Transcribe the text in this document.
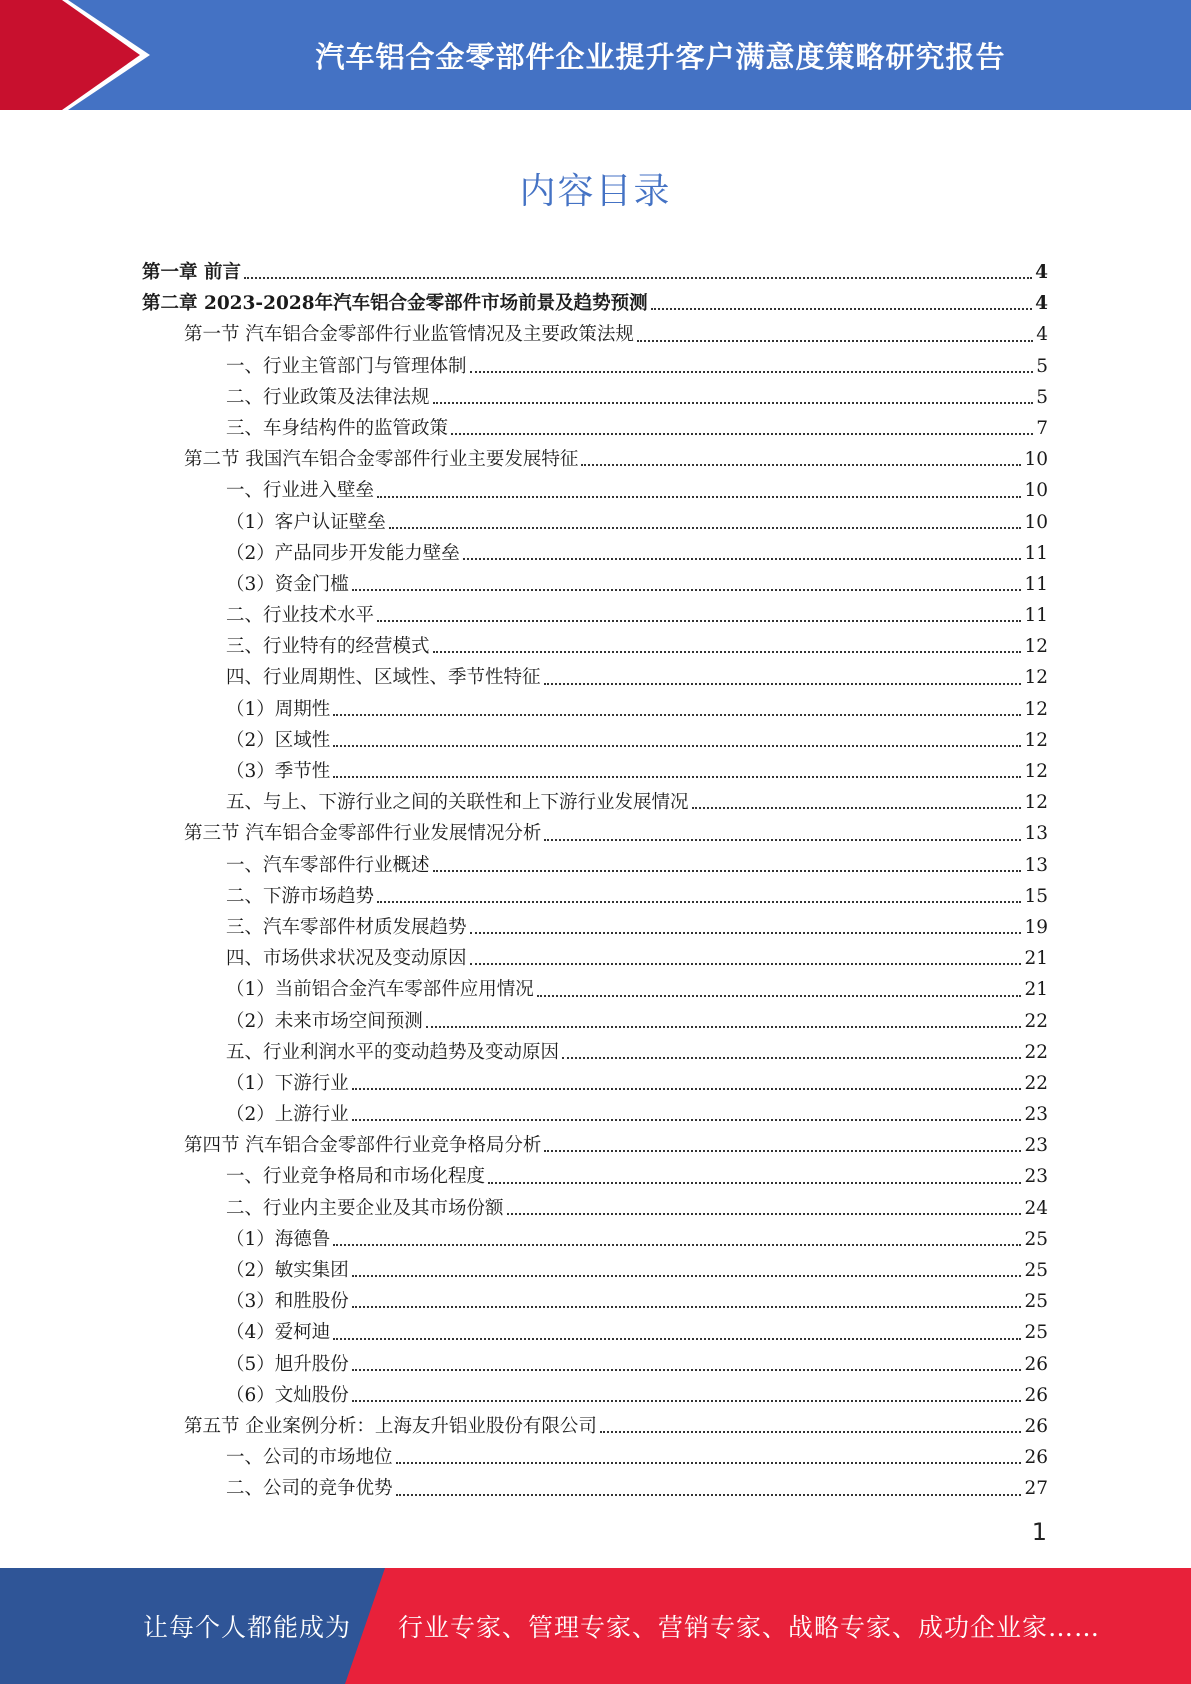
汽车铝合金零部件企业提升客户满意度策略研究报告
内容目录
第一章 前言	4
第二章 2023-2028年汽车铝合金零部件市场前景及趋势预测	4
第一节 汽车铝合金零部件行业监管情况及主要政策法规	4
一、行业主管部门与管理体制	5
二、行业政策及法律法规	5
三、车身结构件的监管政策	7
第二节 我国汽车铝合金零部件行业主要发展特征	10
一、行业进入壁垒	10
（1）客户认证壁垒	10
（2）产品同步开发能力壁垒	11
（3）资金门槛	11
二、行业技术水平	11
三、行业特有的经营模式	12
四、行业周期性、区域性、季节性特征	12
（1）周期性	12
（2）区域性	12
（3）季节性	12
五、与上、下游行业之间的关联性和上下游行业发展情况	12
第三节 汽车铝合金零部件行业发展情况分析	13
一、汽车零部件行业概述	13
二、下游市场趋势	15
三、汽车零部件材质发展趋势	19
四、市场供求状况及变动原因	21
（1）当前铝合金汽车零部件应用情况	21
（2）未来市场空间预测	22
五、行业利润水平的变动趋势及变动原因	22
（1）下游行业	22
（2）上游行业	23
第四节 汽车铝合金零部件行业竞争格局分析	23
一、行业竞争格局和市场化程度	23
二、行业内主要企业及其市场份额	24
（1）海德鲁	25
（2）敏实集团	25
（3）和胜股份	25
（4）爱柯迪	25
（5）旭升股份	26
（6）文灿股份	26
第五节 企业案例分析：上海友升铝业股份有限公司	26
一、公司的市场地位	26
二、公司的竞争优势	27
1
让每个人都能成为 行业专家、管理专家、营销专家、战略专家、成功企业家……
